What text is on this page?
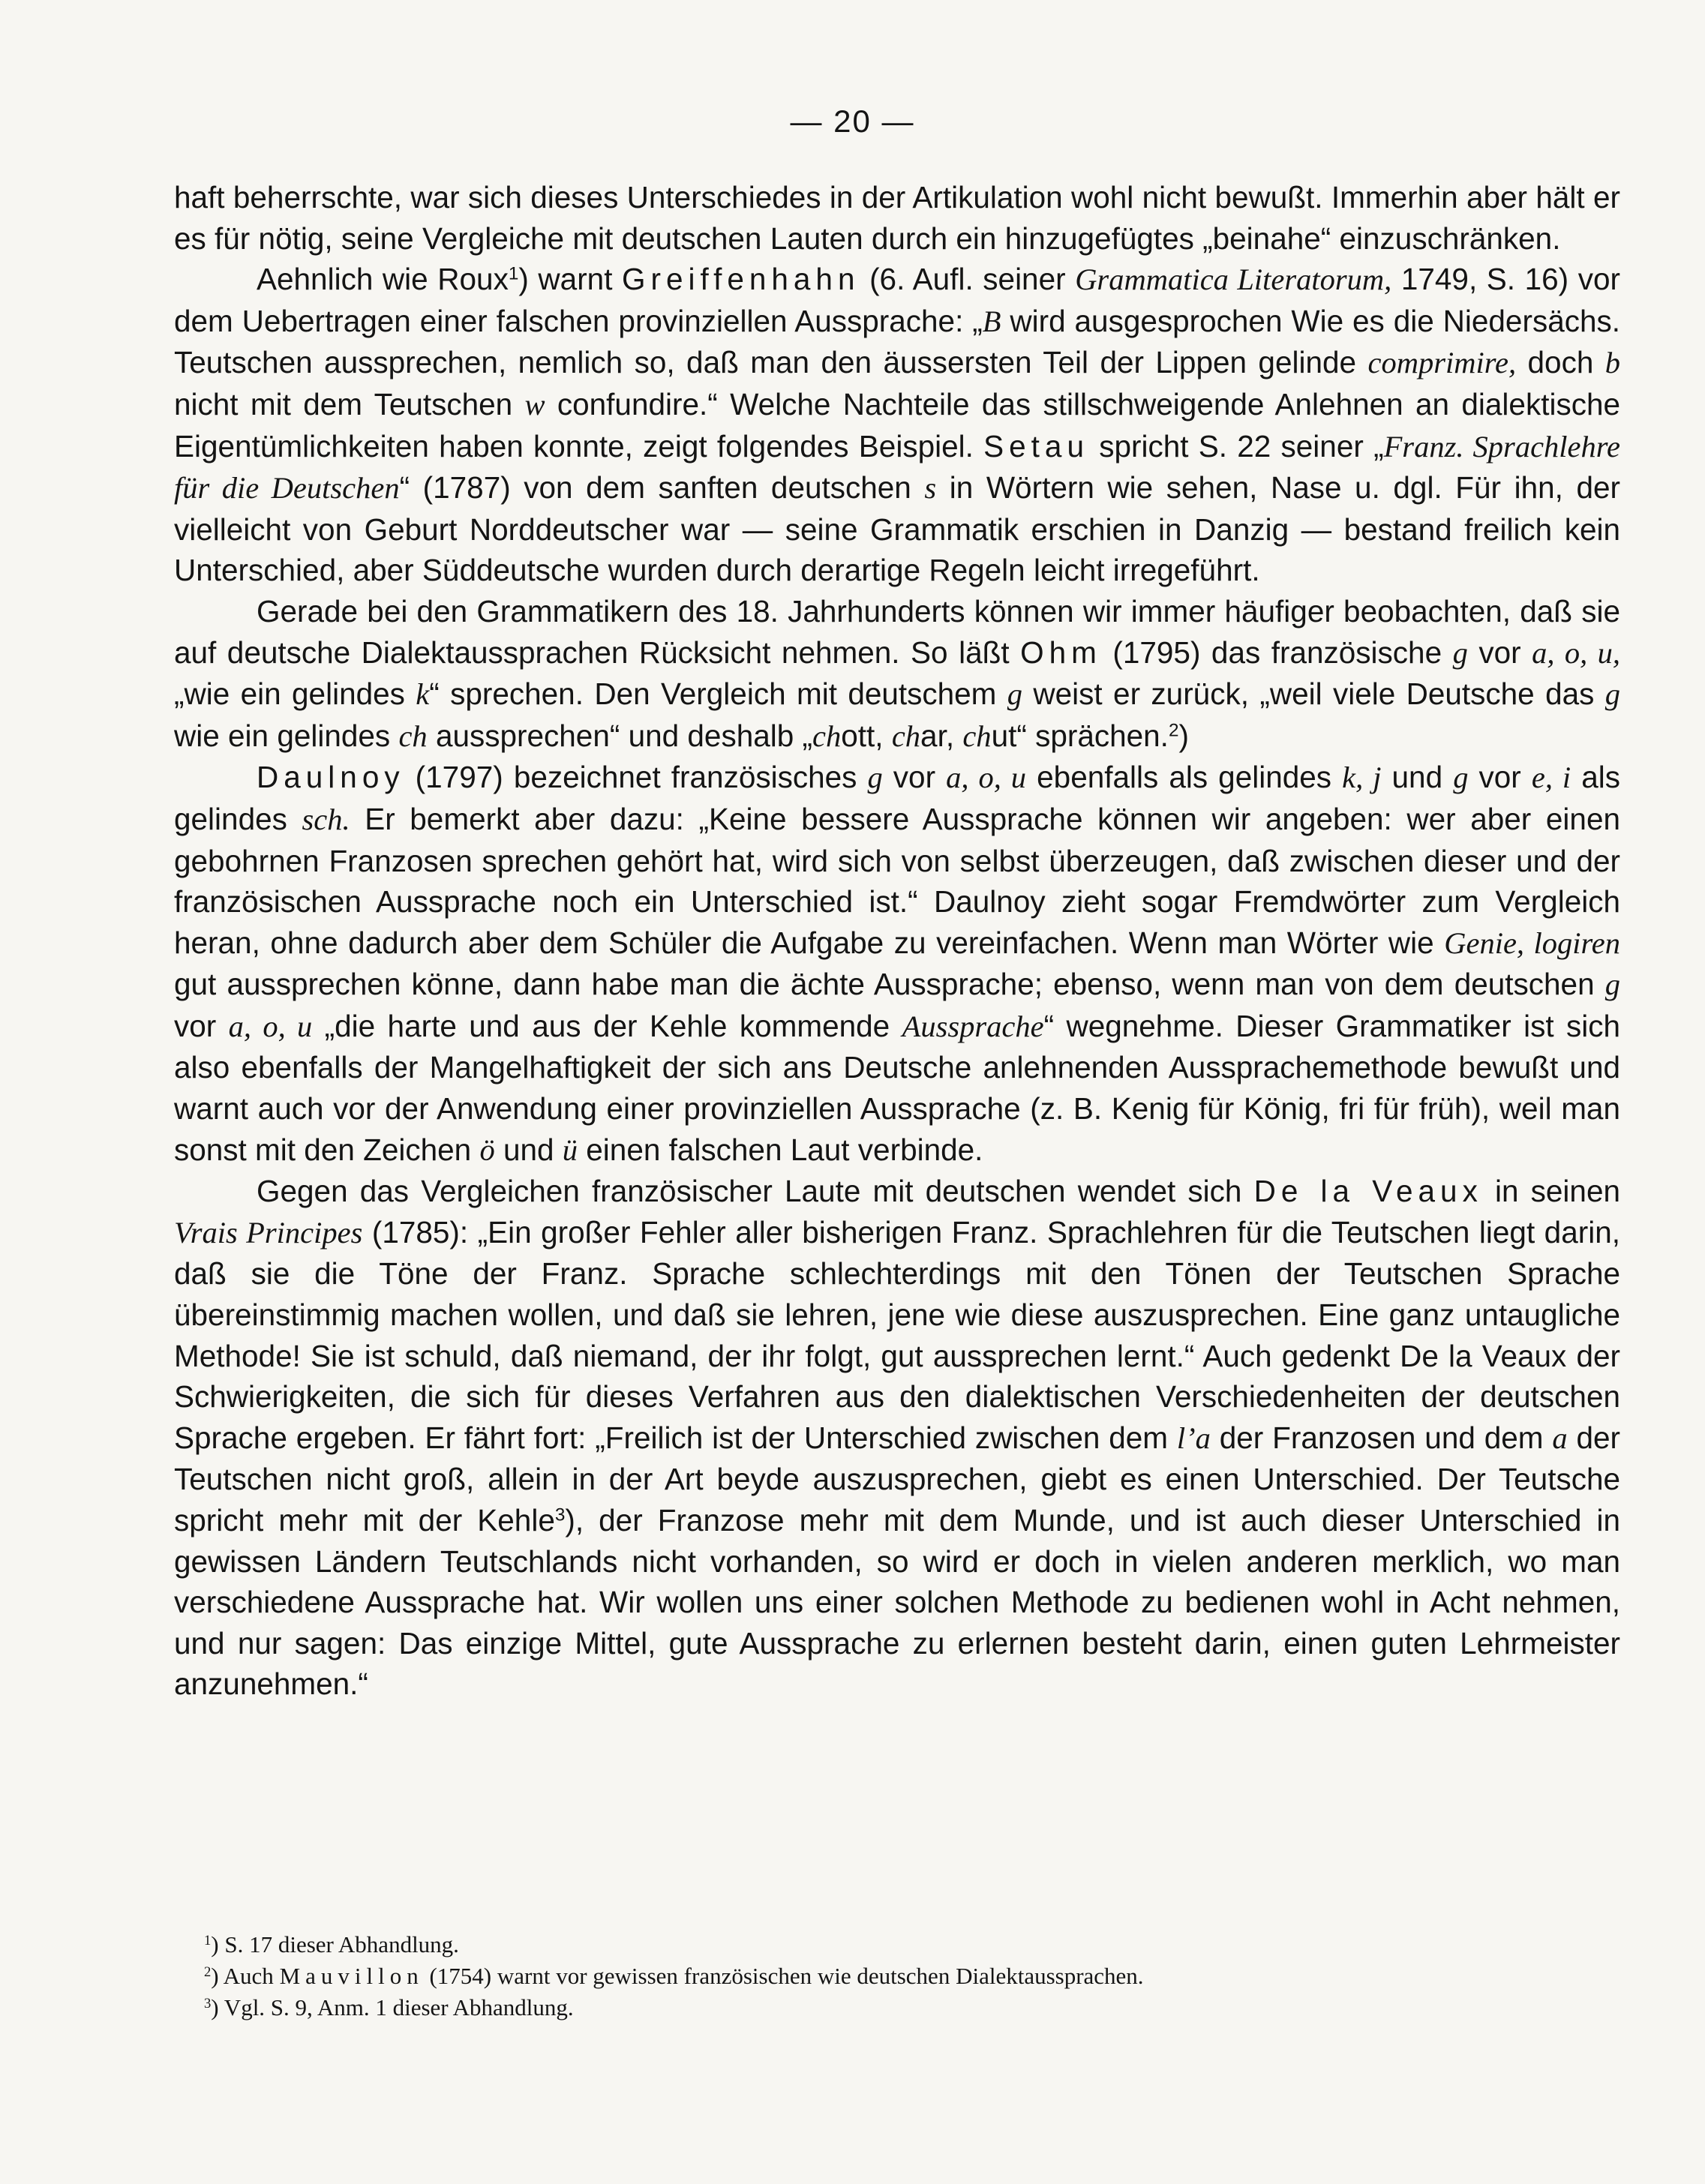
— 20 —

haft beherrschte, war sich dieses Unterschiedes in der Artikulation wohl nicht bewußt. Immerhin aber hält er es für nötig, seine Vergleiche mit deutschen Lauten durch ein hinzugefügtes „beinahe“ einzuschränken.

Aehnlich wie Roux$^1$) warnt Greiffenhahn (6. Aufl. seiner Grammatica Literatorum, 1749, S. 16) vor dem Uebertragen einer falschen provinziellen Aussprache: „B wird ausgesprochen Wie es die Niedersächs. Teutschen aussprechen, nemlich so, daß man den äussersten Teil der Lippen gelinde comprimire, doch b nicht mit dem Teutschen w confundire.“ Welche Nachteile das stillschweigende Anlehnen an dialektische Eigentümlichkeiten haben konnte, zeigt folgendes Beispiel. Setau spricht S. 22 seiner „Franz. Sprachlehre für die Deutschen“ (1787) von dem sanften deutschen s in Wörtern wie sehen, Nase u. dgl. Für ihn, der vielleicht von Geburt Norddeutscher war — seine Grammatik erschien in Danzig — bestand freilich kein Unterschied, aber Süddeutsche wurden durch derartige Regeln leicht irregeführt.

Gerade bei den Grammatikern des 18. Jahrhunderts können wir immer häufiger beobachten, daß sie auf deutsche Dialektaussprachen Rücksicht nehmen. So läßt Ohm (1795) das französische g vor a, o, u, „wie ein gelindes k“ sprechen. Den Vergleich mit deutschem g weist er zurück, „weil viele Deutsche das g wie ein gelindes ch aussprechen“ und deshalb „chott, char, chut“ sprächen.$^2$)

Daulnoy (1797) bezeichnet französisches g vor a, o, u ebenfalls als gelindes k, j und g vor e, i als gelindes sch. Er bemerkt aber dazu: „Keine bessere Aussprache können wir angeben: wer aber einen gebohrnen Franzosen sprechen gehört hat, wird sich von selbst überzeugen, daß zwischen dieser und der französischen Aussprache noch ein Unterschied ist.“ Daulnoy zieht sogar Fremdwörter zum Vergleich heran, ohne dadurch aber dem Schüler die Aufgabe zu vereinfachen. Wenn man Wörter wie Genie, logiren gut aussprechen könne, dann habe man die ächte Aussprache; ebenso, wenn man von dem deutschen g vor a, o, u „die harte und aus der Kehle kommende Aussprache“ wegnehme. Dieser Grammatiker ist sich also ebenfalls der Mangelhaftigkeit der sich ans Deutsche anlehnenden Aussprachemethode bewußt und warnt auch vor der Anwendung einer provinziellen Aussprache (z. B. Kenig für König, fri für früh), weil man sonst mit den Zeichen ö und ü einen falschen Laut verbinde.

Gegen das Vergleichen französischer Laute mit deutschen wendet sich De la Veaux in seinen Vrais Principes (1785): „Ein großer Fehler aller bisherigen Franz. Sprachlehren für die Teutschen liegt darin, daß sie die Töne der Franz. Sprache schlechterdings mit den Tönen der Teutschen Sprache übereinstimmig machen wollen, und daß sie lehren, jene wie diese auszusprechen. Eine ganz untaugliche Methode! Sie ist schuld, daß niemand, der ihr folgt, gut aussprechen lernt.“ Auch gedenkt De la Veaux der Schwierigkeiten, die sich für dieses Verfahren aus den dialektischen Verschiedenheiten der deutschen Sprache ergeben. Er fährt fort: „Freilich ist der Unterschied zwischen dem l’a der Franzosen und dem a der Teutschen nicht groß, allein in der Art beyde auszusprechen, giebt es einen Unterschied. Der Teutsche spricht mehr mit der Kehle$^3$), der Franzose mehr mit dem Munde, und ist auch dieser Unterschied in gewissen Ländern Teutschlands nicht vorhanden, so wird er doch in vielen anderen merklich, wo man verschiedene Aussprache hat. Wir wollen uns einer solchen Methode zu bedienen wohl in Acht nehmen, und nur sagen: Das einzige Mittel, gute Aussprache zu erlernen besteht darin, einen guten Lehrmeister anzunehmen.“

$^1$) S. 17 dieser Abhandlung.
$^2$) Auch Mauvillon (1754) warnt vor gewissen französischen wie deutschen Dialektaussprachen.
$^3$) Vgl. S. 9, Anm. 1 dieser Abhandlung.
